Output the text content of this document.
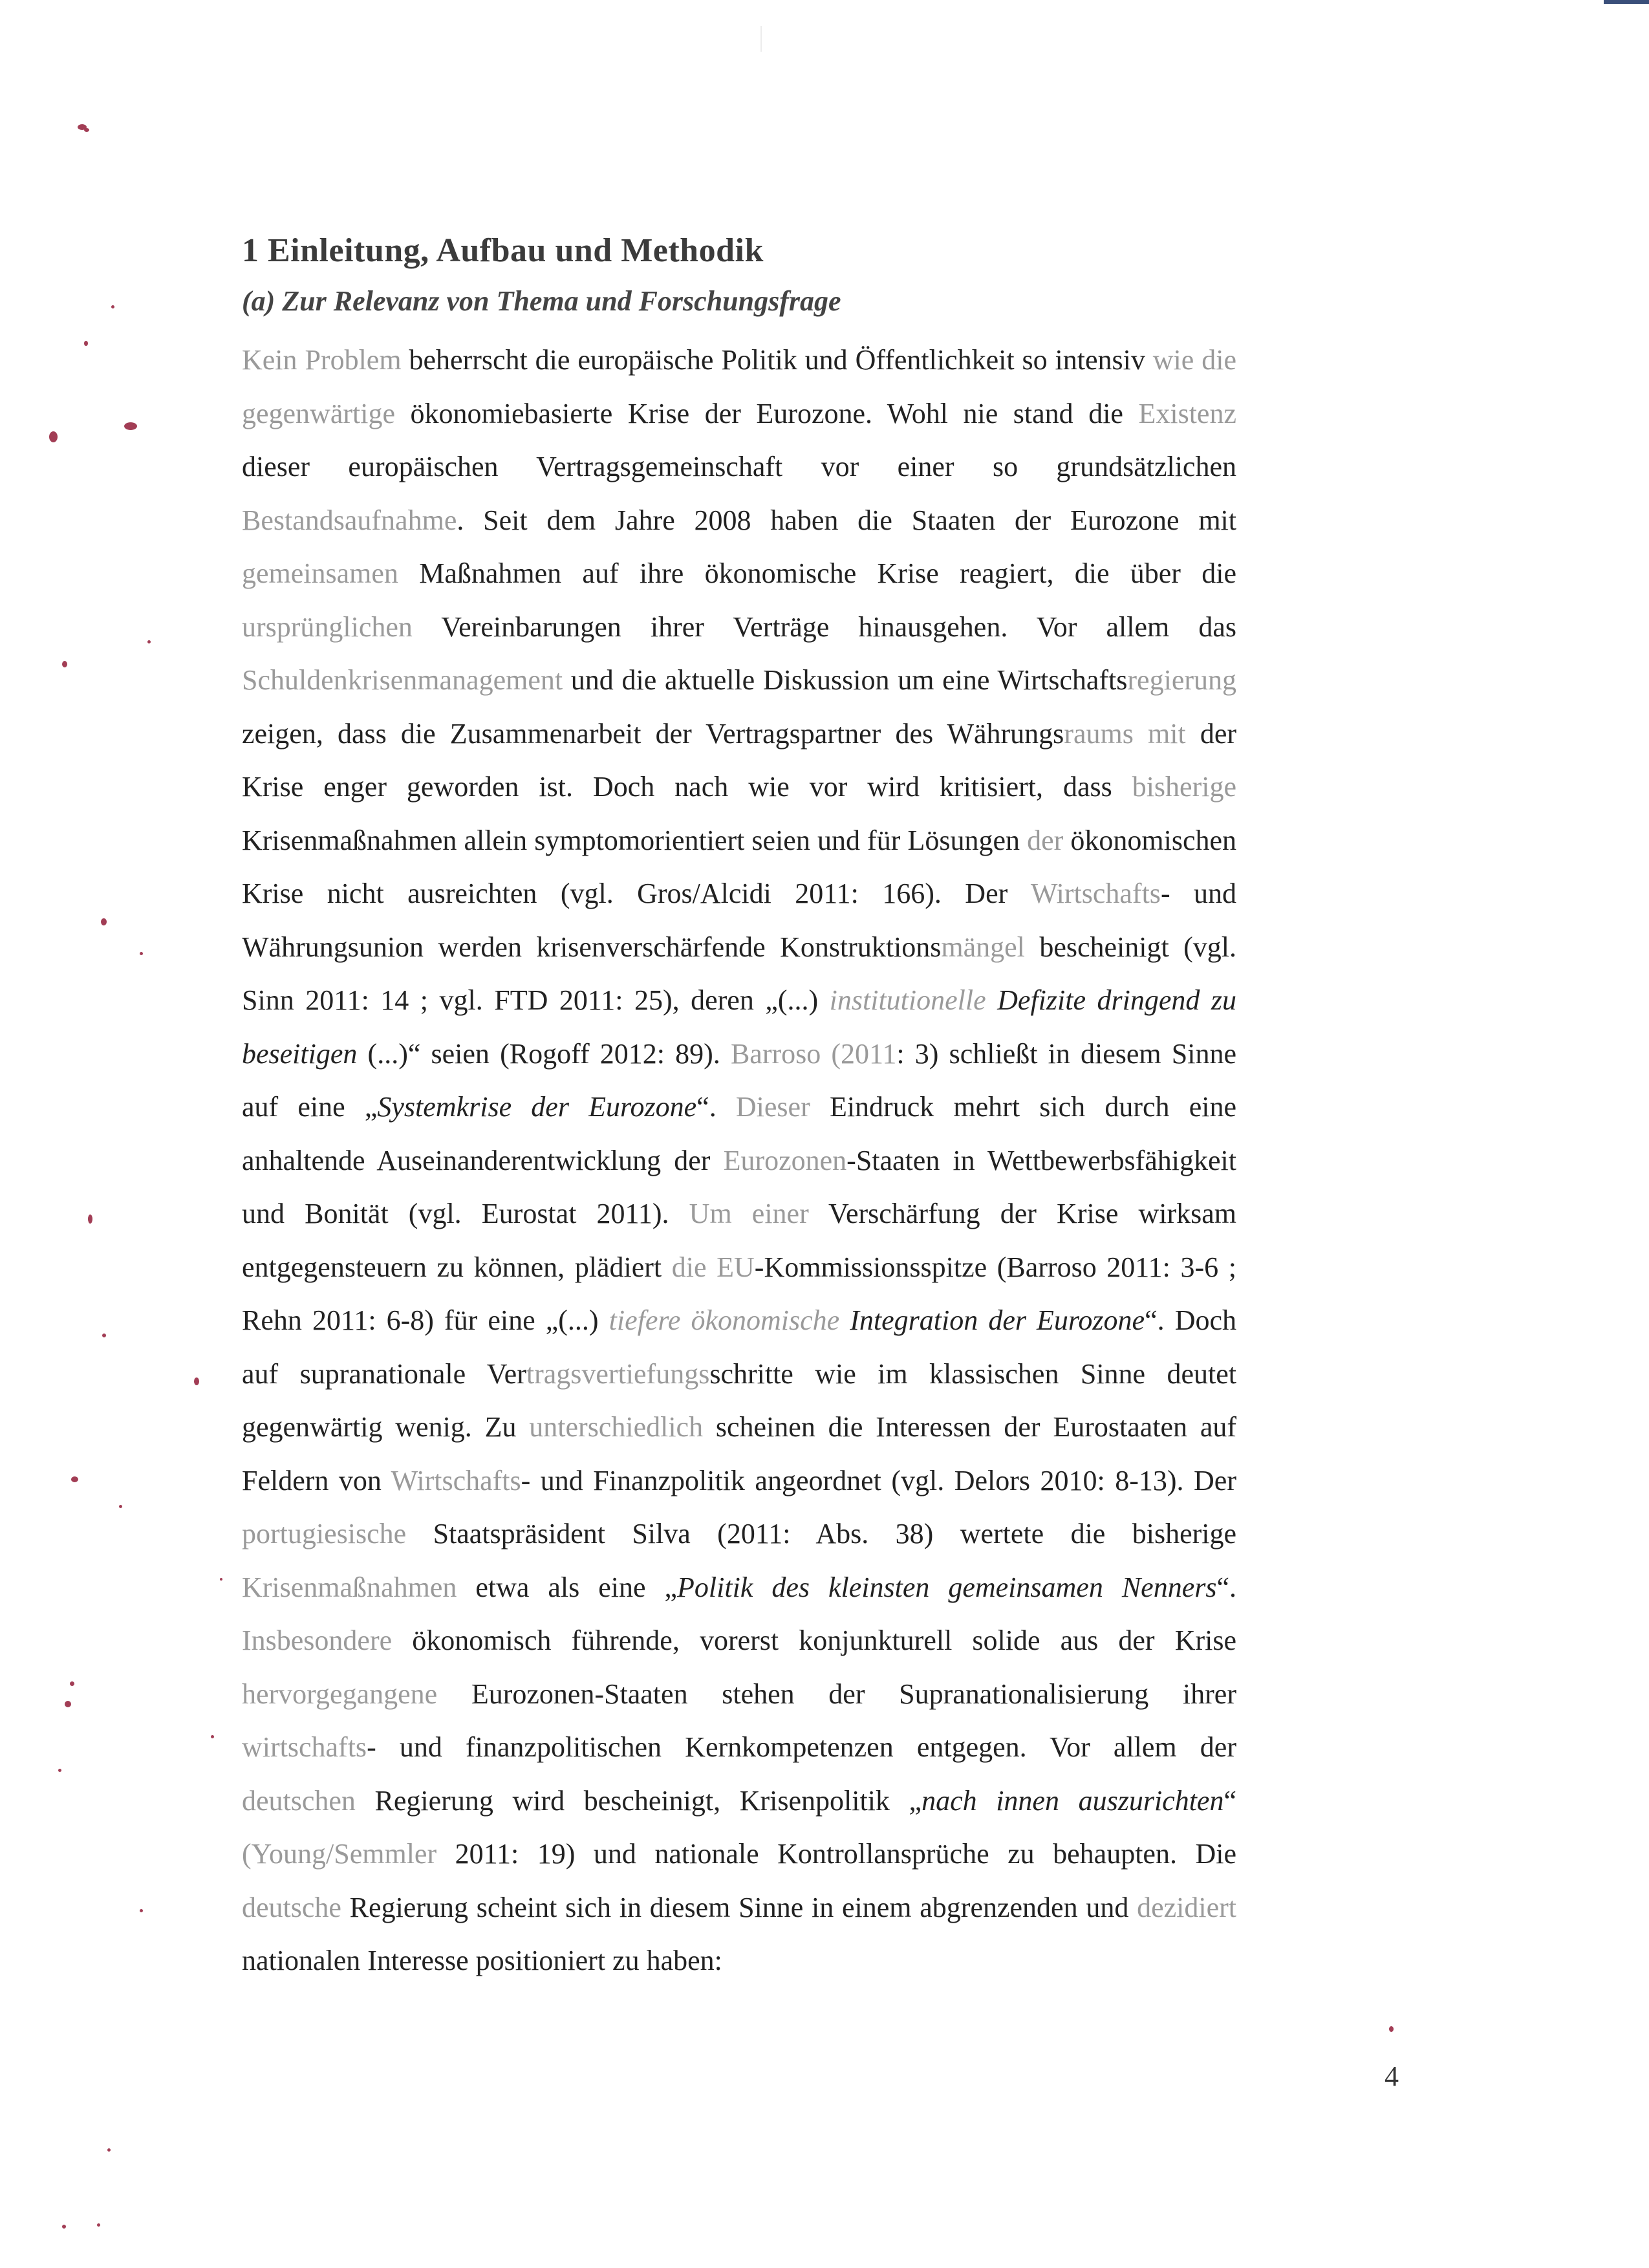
1 Einleitung, Aufbau und Methodik
(a) Zur Relevanz von Thema und Forschungsfrage

Kein Problem beherrscht die europäische Politik und Öffentlichkeit so intensiv wie die gegenwärtige ökonomiebasierte Krise der Eurozone. Wohl nie stand die Existenz dieser europäischen Vertragsgemeinschaft vor einer so grundsätzlichen Bestandsaufnahme. Seit dem Jahre 2008 haben die Staaten der Eurozone mit gemeinsamen Maßnahmen auf ihre ökonomische Krise reagiert, die über die ursprünglichen Vereinbarungen ihrer Verträge hinausgehen. Vor allem das Schuldenkrisenmanagement und die aktuelle Diskussion um eine Wirtschaftsregierung zeigen, dass die Zusammenarbeit der Vertragspartner des Währungsraums mit der Krise enger geworden ist. Doch nach wie vor wird kritisiert, dass bisherige Krisenmaßnahmen allein symptomorientiert seien und für Lösungen der ökonomischen Krise nicht ausreichten (vgl. Gros/Alcidi 2011: 166). Der Wirtschafts- und Währungsunion werden krisenverschärfende Konstruktionsmängel bescheinigt (vgl. Sinn 2011: 14 ; vgl. FTD 2011: 25), deren „(...) institutionelle Defizite dringend zu beseitigen (...)“ seien (Rogoff 2012: 89). Barroso (2011: 3) schließt in diesem Sinne auf eine „Systemkrise der Eurozone“. Dieser Eindruck mehrt sich durch eine anhaltende Auseinanderentwicklung der Eurozonen-Staaten in Wettbewerbsfähigkeit und Bonität (vgl. Eurostat 2011). Um einer Verschärfung der Krise wirksam entgegensteuern zu können, plädiert die EU-Kommissionsspitze (Barroso 2011: 3-6 ; Rehn 2011: 6-8) für eine „(...) tiefere ökonomische Integration der Eurozone“. Doch auf supranationale Vertragsvertiefungsschritte wie im klassischen Sinne deutet gegenwärtig wenig. Zu unterschiedlich scheinen die Interessen der Eurostaaten auf Feldern von Wirtschafts- und Finanzpolitik angeordnet (vgl. Delors 2010: 8-13). Der portugiesische Staatspräsident Silva (2011: Abs. 38) wertete die bisherige Krisenmaßnahmen etwa als eine „Politik des kleinsten gemeinsamen Nenners“. Insbesondere ökonomisch führende, vorerst konjunkturell solide aus der Krise hervorgegangene Eurozonen-Staaten stehen der Supranationalisierung ihrer wirtschafts- und finanzpolitischen Kernkompetenzen entgegen. Vor allem der deutschen Regierung wird bescheinigt, Krisenpolitik „nach innen auszurichten“ (Young/Semmler 2011: 19) und nationale Kontrollansprüche zu behaupten. Die deutsche Regierung scheint sich in diesem Sinne in einem abgrenzenden und dezidiert nationalen Interesse positioniert zu haben:

4
